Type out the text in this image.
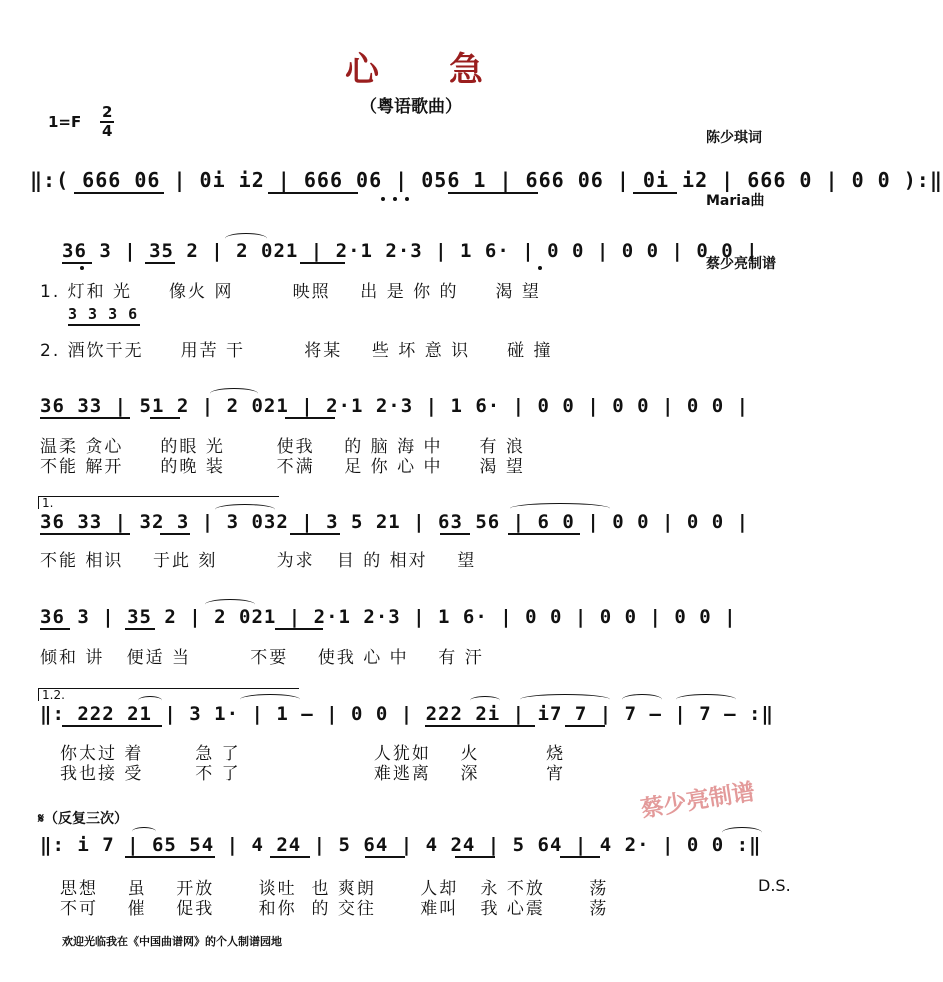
心急
（粤语歌曲）
1=F
2
4

	陈少琪词

Maria曲

蔡少亮制谱

‖:( 666 06 | 0i i2 | 666 06 | 056 1 | 666 06 | 0i i2 | 666 0 | 0 0 ):‖
36 3 | 35 2 | 2 021 | 2·1 2·3 | 1 6· | 0 0 | 0 0 | 0 0 |
1. 灯和 光     像火 网        映照    出 是 你 的     渴 望
3 3 3 6
2. 酒饮干无     用苦 干        将某    些 坏 意 识     碰 撞
36 33 | 51 2 | 2 021 | 2·1 2·3 | 1 6· | 0 0 | 0 0 | 0 0 |
温柔 贪心     的眼 光       使我    的 脑 海 中     有 浪
不能 解开     的晚 装       不满    足 你 心 中     渴 望
1.
36 33 | 32 3 | 3 032 | 3 5 21 | 63 56 | 6 0 | 0 0 | 0 0 |
不能 相识    于此 刻        为求   目 的 相对    望
36 3 | 35 2 | 2 021 | 2·1 2·3 | 1 6· | 0 0 | 0 0 | 0 0 |
倾和 讲   便适 当        不要    使我 心 中    有 汗
1.2.
‖: 222 21 | 3 1· | 1 – | 0 0 | 222 2i | i7 7 | 7 – | 7 – :‖
你太过 着       急 了                  人犹如    火         烧
我也接 受       不 了                  难逃离    深         宵
蔡少亮制谱
𝄋（反复三次）
‖: i 7 | 65 54 | 4 24 | 5 64 | 4 24 | 5 64 | 4 2· | 0 0 :‖
思想    虽    开放      谈吐  也 爽朗      人却   永 不放      荡
不可    催    促我      和你  的 交往      难叫   我 心震      荡
D.S.
欢迎光临我在《中国曲谱网》的个人制谱园地
